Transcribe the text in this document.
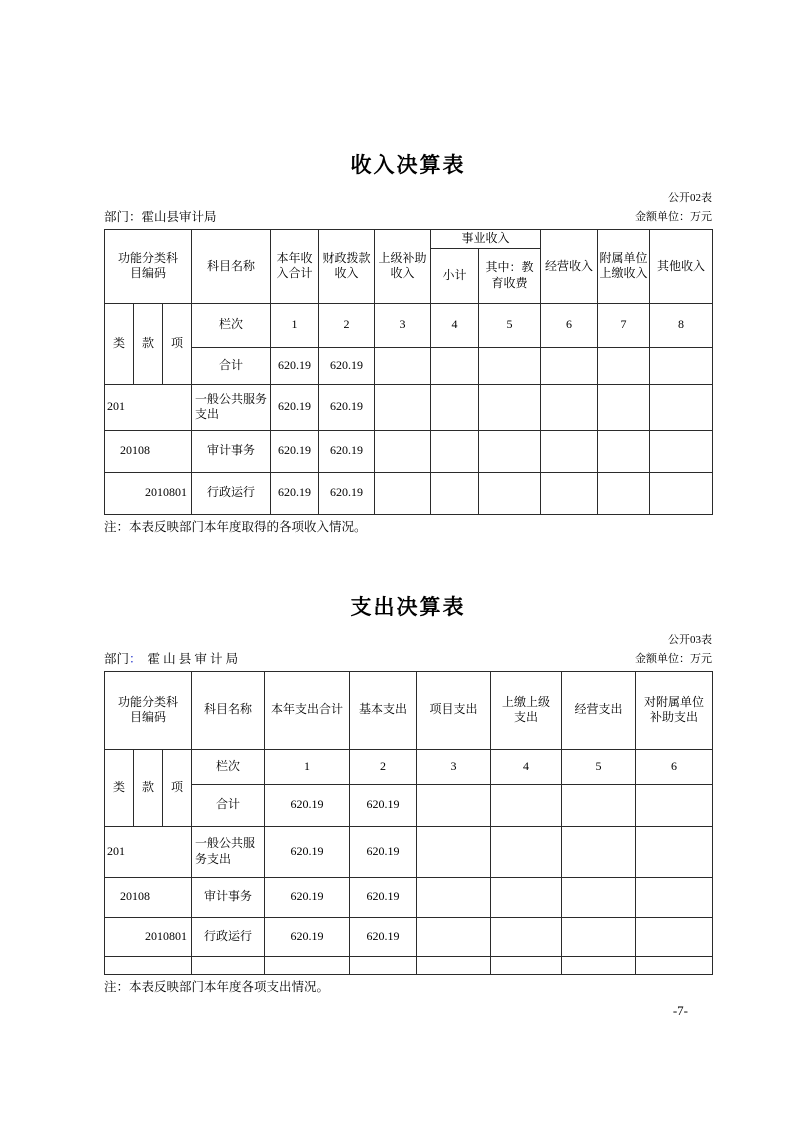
收入决算表
公开02表
部门：霍山县审计局	金额单位：万元
功能分类科目编码			科目名称	本年收入合计	财政拨款收入	上级补助收入	事业收入		经营收入	附属单位上缴收入	其他收入
							小计	其中：教育收费			
类	款	项	栏次	1	2	3	4	5	6	7	8
			合计	620.19	620.19						
201			一般公共服务支出	620.19	620.19						
20108			审计事务	620.19	620.19						
2010801			行政运行	620.19	620.19						
注：本表反映部门本年度取得的各项收入情况。
支出决算表
公开03表
部门： 霍 山 县 审 计 局	金额单位：万元
功能分类科目编码			科目名称	本年支出合计	基本支出	项目支出	上缴上级支出	经营支出	对附属单位补助支出
类	款	项	栏次	1	2	3	4	5	6
			合计	620.19	620.19				
201			一般公共服务支出	620.19	620.19				
20108			审计事务	620.19	620.19				
2010801			行政运行	620.19	620.19				

注：本表反映部门本年度各项支出情况。
-7-
